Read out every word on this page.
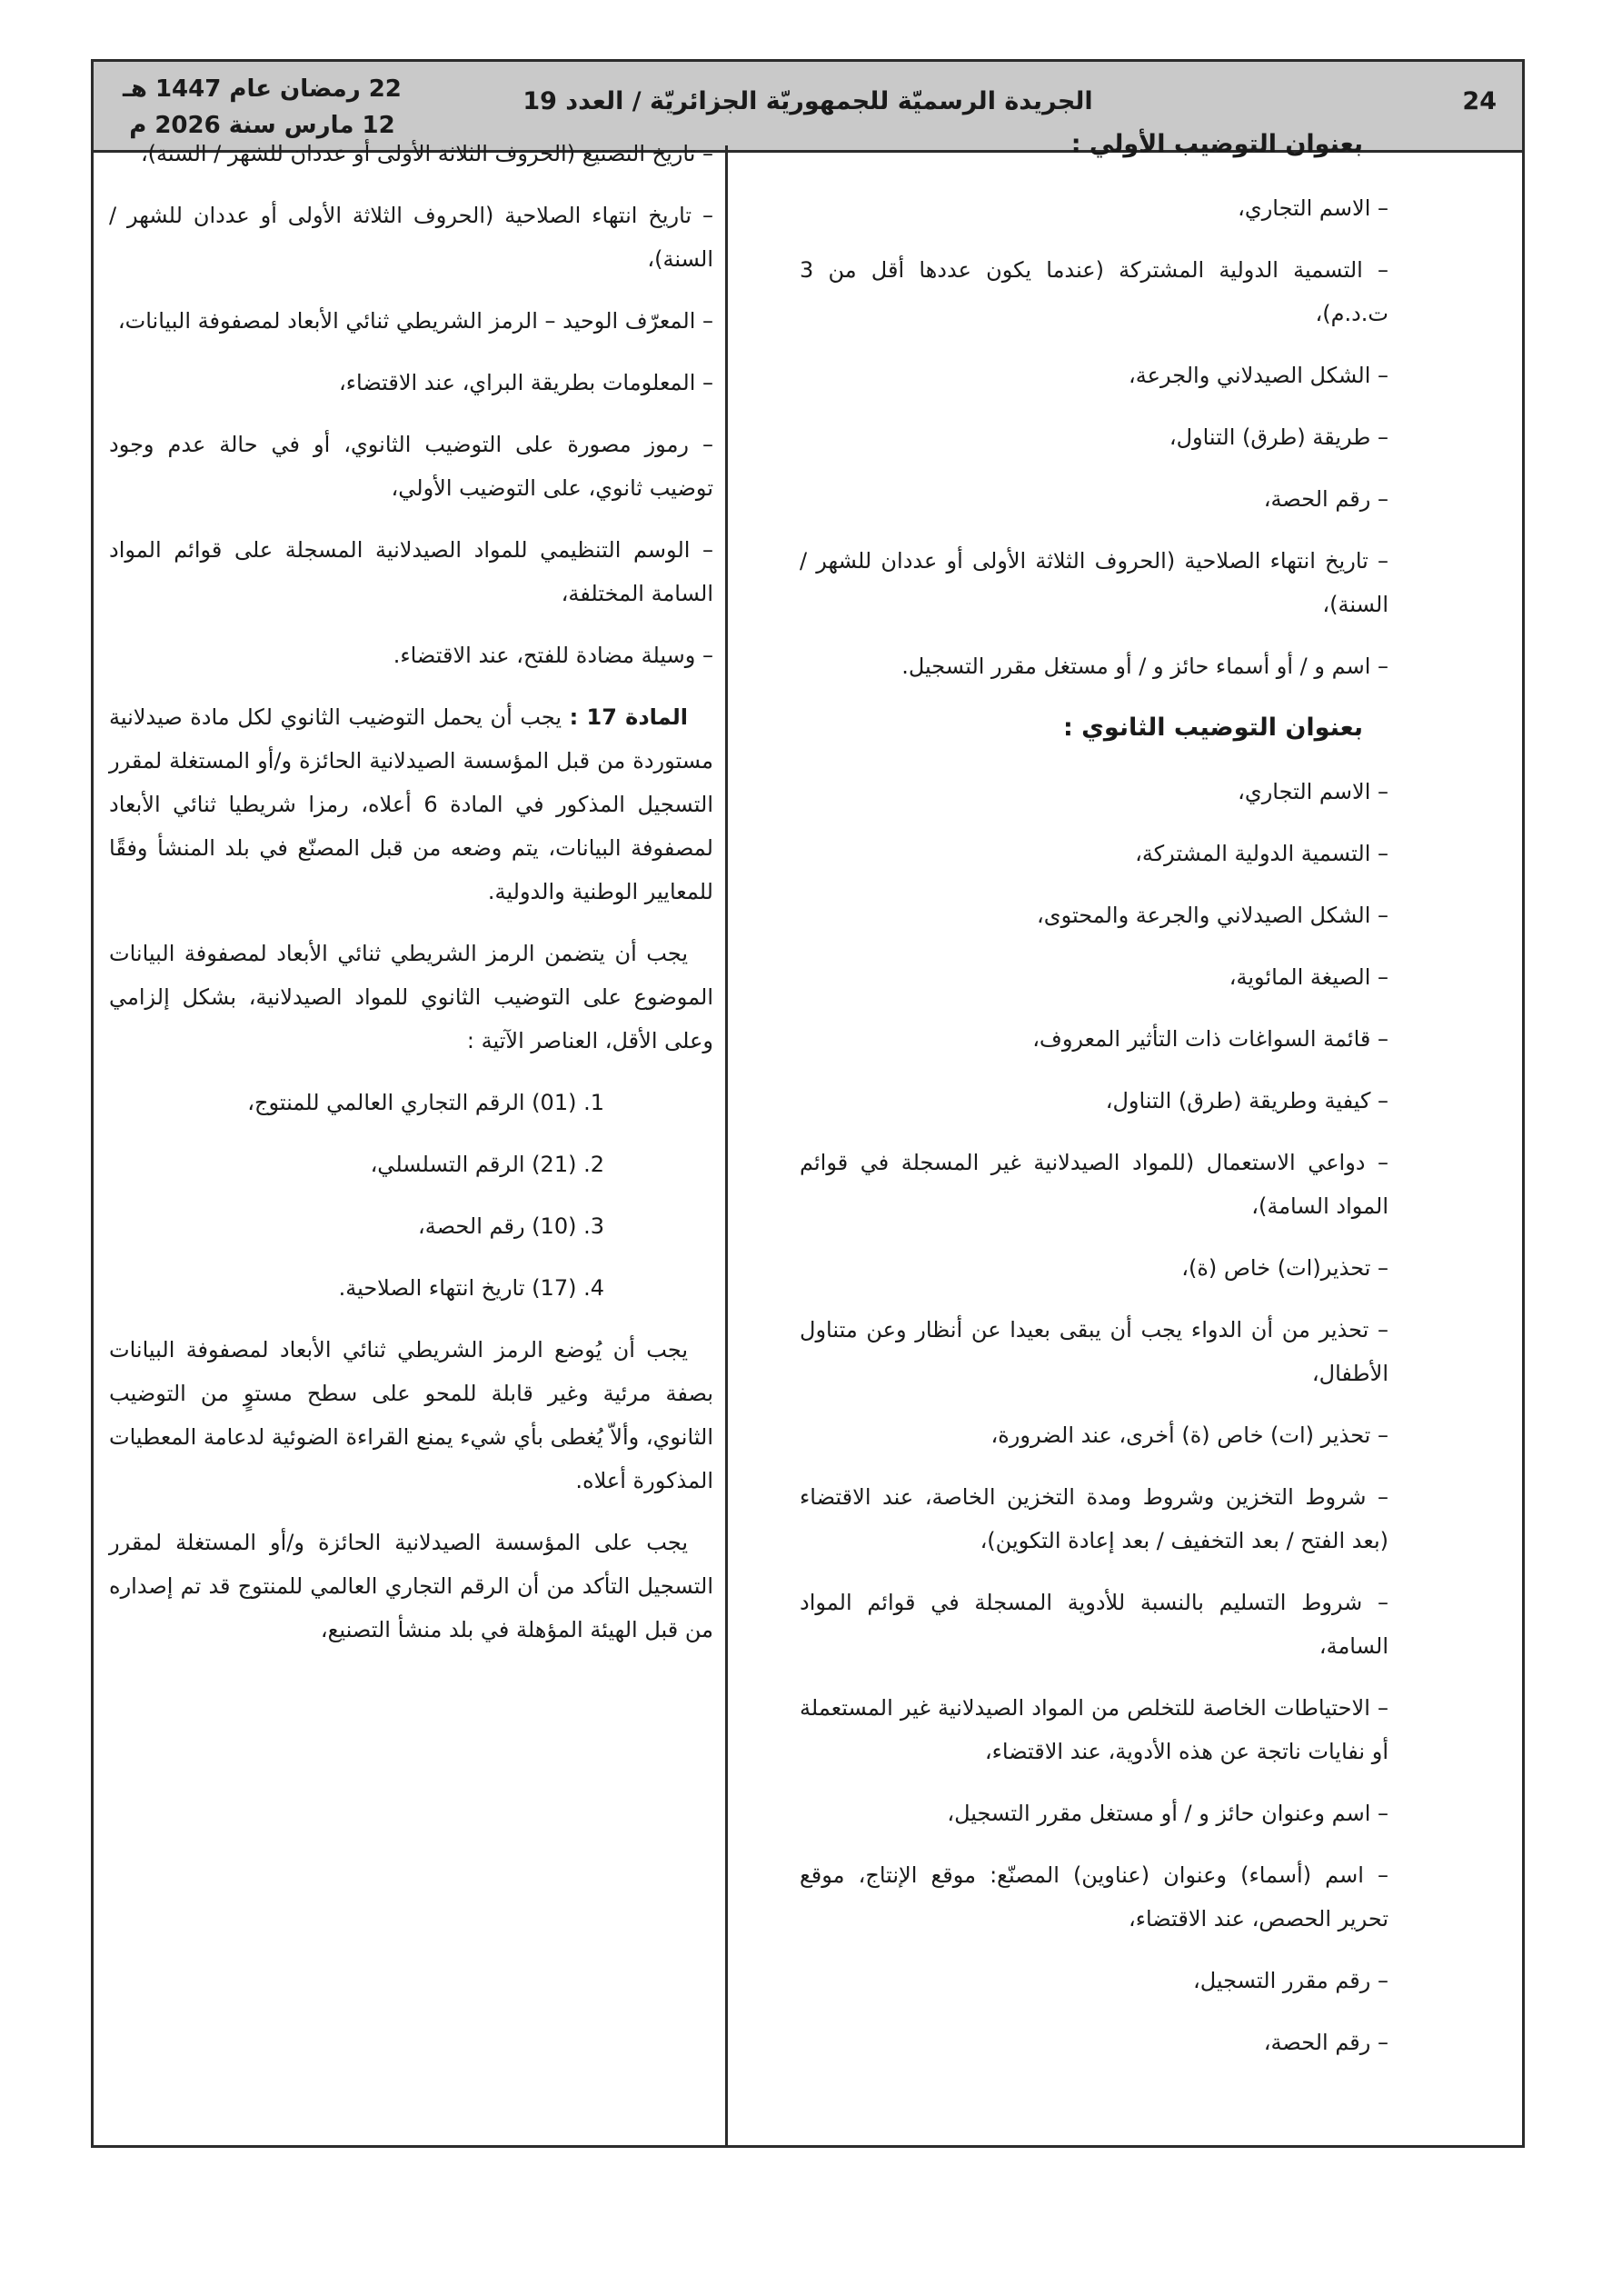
24
الجريدة الرسميّة للجمهوريّة الجزائريّة / العدد 19
22 رمضان عام 1447 هـ
12 مارس سنة 2026 م
بعنوان التوضيب الأولي :
– الاسم التجاري،
– التسمية الدولية المشتركة (عندما يكون عددها أقل من 3 ت.د.م)،
– الشكل الصيدلاني والجرعة،
– طريقة (طرق) التناول،
– رقم الحصة،
– تاريخ انتهاء الصلاحية (الحروف الثلاثة الأولى أو عددان للشهر / السنة)،
– اسم و / أو أسماء حائز و / أو مستغل مقرر التسجيل.
بعنوان التوضيب الثانوي :
– الاسم التجاري،
– التسمية الدولية المشتركة،
– الشكل الصيدلاني والجرعة والمحتوى،
– الصيغة المائوية،
– قائمة السواغات ذات التأثير المعروف،
– كيفية وطريقة (طرق) التناول،
– دواعي الاستعمال (للمواد الصيدلانية غير المسجلة في قوائم المواد السامة)،
– تحذير(ات) خاص (ة)،
– تحذير من أن الدواء يجب أن يبقى بعيدا عن أنظار وعن متناول الأطفال،
– تحذير (ات) خاص (ة) أخرى، عند الضرورة،
– شروط التخزين وشروط ومدة التخزين الخاصة، عند الاقتضاء (بعد الفتح / بعد التخفيف / بعد إعادة التكوين)،
– شروط التسليم بالنسبة للأدوية المسجلة في قوائم المواد السامة،
– الاحتياطات الخاصة للتخلص من المواد الصيدلانية غير المستعملة أو نفايات ناتجة عن هذه الأدوية، عند الاقتضاء،
– اسم وعنوان حائز و / أو مستغل مقرر التسجيل،
– اسم (أسماء) وعنوان (عناوين) المصنّع: موقع الإنتاج، موقع تحرير الحصص، عند الاقتضاء،
– رقم مقرر التسجيل،
– رقم الحصة،
– تاريخ التصنيع (الحروف الثلاثة الأولى أو عددان للشهر / السنة)،
– تاريخ انتهاء الصلاحية (الحروف الثلاثة الأولى أو عددان للشهر / السنة)،
– المعرّف الوحيد – الرمز الشريطي ثنائي الأبعاد لمصفوفة البيانات،
– المعلومات بطريقة البراي، عند الاقتضاء،
– رموز مصورة على التوضيب الثانوي، أو في حالة عدم وجود توضيب ثانوي، على التوضيب الأولي،
– الوسم التنظيمي للمواد الصيدلانية المسجلة على قوائم المواد السامة المختلفة،
– وسيلة مضادة للفتح، عند الاقتضاء.
المادة 17 : يجب أن يحمل التوضيب الثانوي لكل مادة صيدلانية مستوردة من قبل المؤسسة الصيدلانية الحائزة و/أو المستغلة لمقرر التسجيل المذكور في المادة 6 أعلاه، رمزا شريطيا ثنائي الأبعاد لمصفوفة البيانات، يتم وضعه من قبل المصنّع في بلد المنشأ وفقًا للمعايير الوطنية والدولية.
يجب أن يتضمن الرمز الشريطي ثنائي الأبعاد لمصفوفة البيانات الموضوع على التوضيب الثانوي للمواد الصيدلانية، بشكل إلزامي وعلى الأقل، العناصر الآتية :
1. (01) الرقم التجاري العالمي للمنتوج،
2. (21) الرقم التسلسلي،
3. (10) رقم الحصة،
4. (17) تاريخ انتهاء الصلاحية.
يجب أن يُوضع الرمز الشريطي ثنائي الأبعاد لمصفوفة البيانات بصفة مرئية وغير قابلة للمحو على سطح مستوٍ من التوضيب الثانوي، وألاّ يُغطى بأي شيء يمنع القراءة الضوئية لدعامة المعطيات المذكورة أعلاه.
يجب على المؤسسة الصيدلانية الحائزة و/أو المستغلة لمقرر التسجيل التأكد من أن الرقم التجاري العالمي للمنتوج قد تم إصداره من قبل الهيئة المؤهلة في بلد منشأ التصنيع،
